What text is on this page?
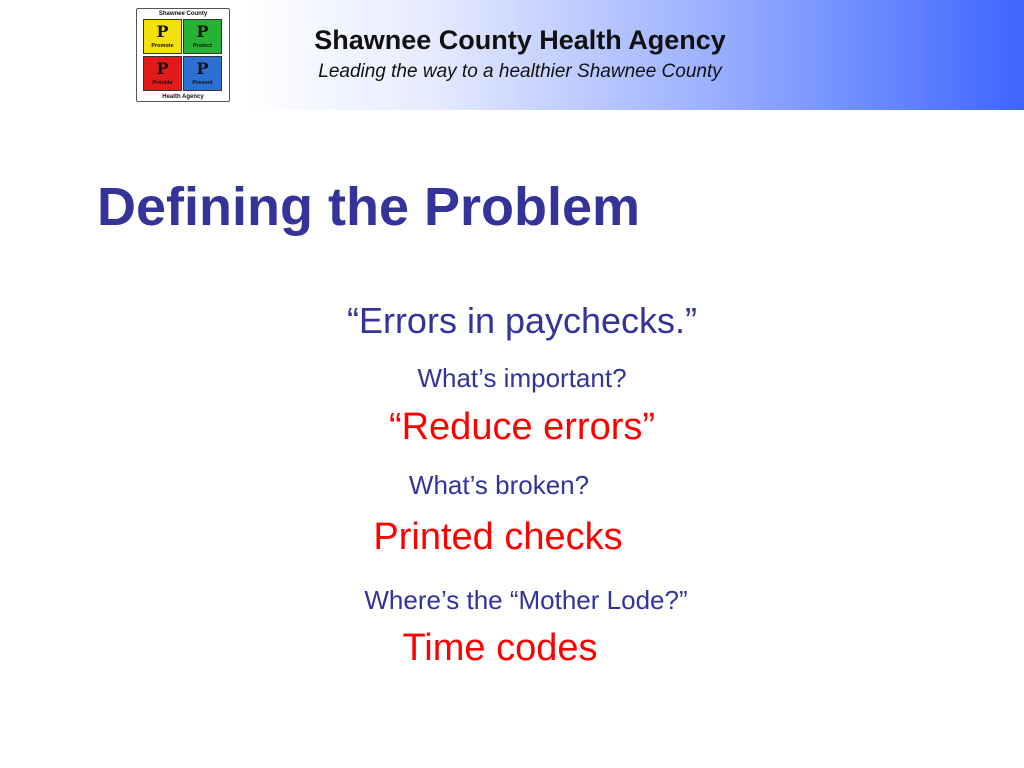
Shawnee County
P
Promote
P
Protect
P
Provide
P
Prevent
Health Agency
Shawnee County Health Agency
Leading the way to a healthier Shawnee County
Defining the Problem
“Errors in paychecks.”
What’s important?
“Reduce errors”
What’s broken?
Printed checks
Where’s the “Mother Lode?”
Time codes
